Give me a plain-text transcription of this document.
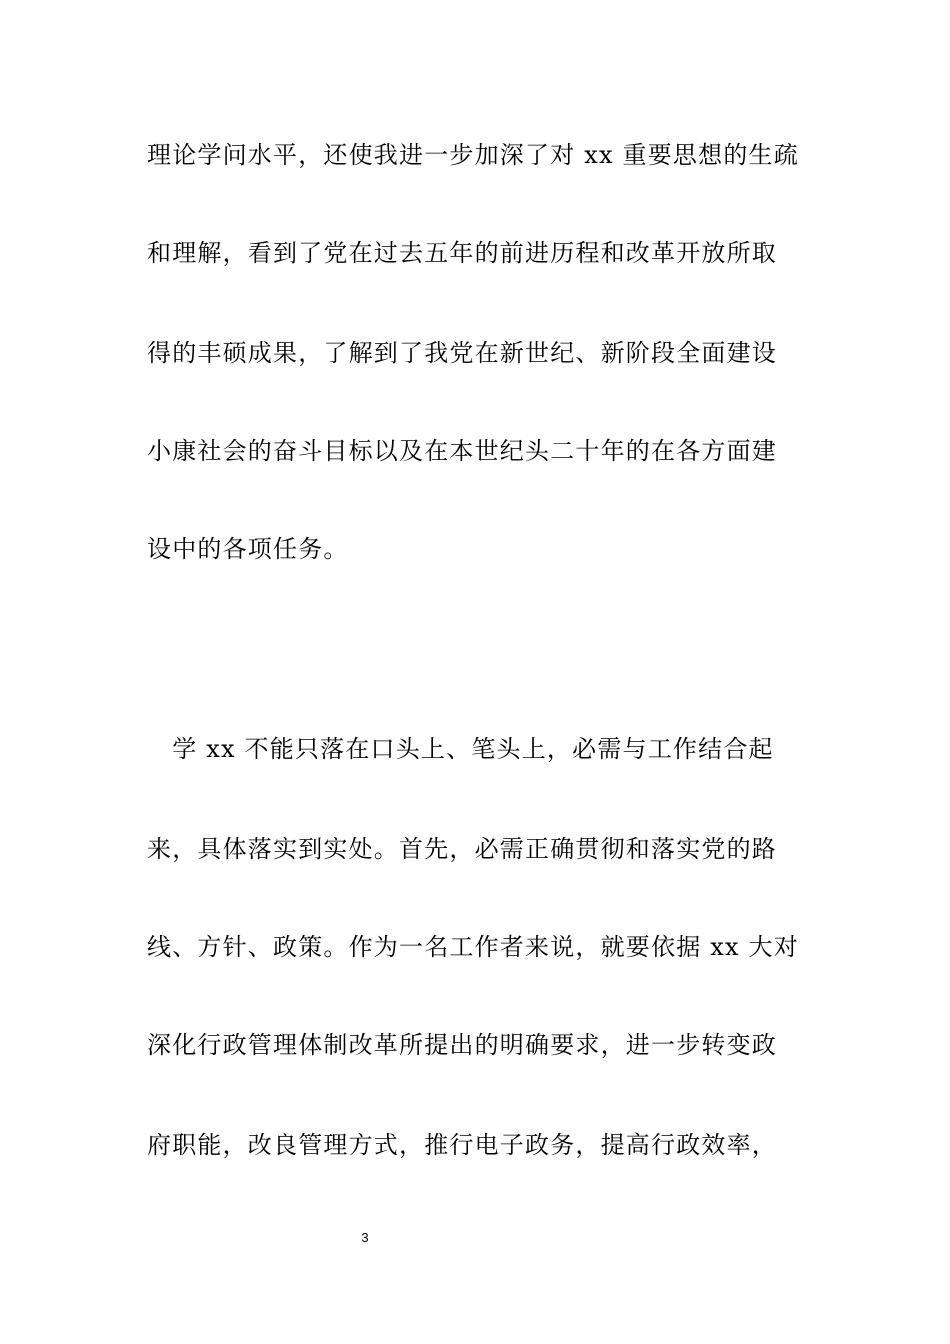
理论学问水平，还使我进一步加深了对 xx 重要思想的生疏
和理解，看到了党在过去五年的前进历程和改革开放所取
得的丰硕成果，了解到了我党在新世纪、新阶段全面建设
小康社会的奋斗目标以及在本世纪头二十年的在各方面建
设中的各项任务。
　学 xx 不能只落在口头上、笔头上，必需与工作结合起
来，具体落实到实处。首先，必需正确贯彻和落实党的路
线、方针、政策。作为一名工作者来说，就要依据 xx 大对
深化行政管理体制改革所提出的明确要求，进一步转变政
府职能，改良管理方式，推行电子政务，提高行政效率，
3
